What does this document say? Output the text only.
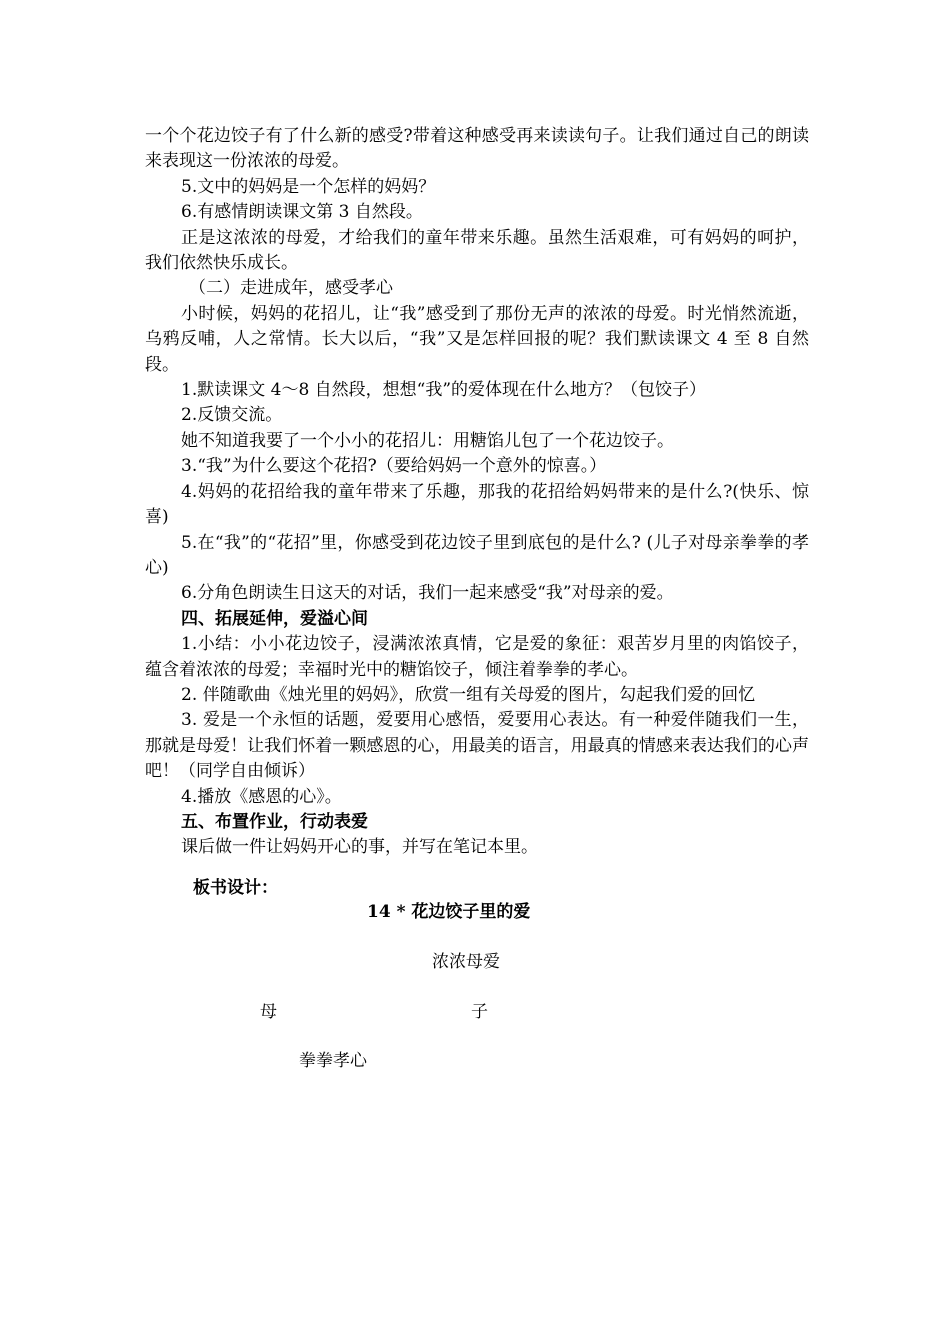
一个个花边饺子有了什么新的感受?带着这种感受再来读读句子。让我们通过自己的朗读来表现这一份浓浓的母爱。

5.文中的妈妈是一个怎样的妈妈？

6.有感情朗读课文第 3 自然段。

正是这浓浓的母爱，才给我们的童年带来乐趣。虽然生活艰难，可有妈妈的呵护，我们依然快乐成长。

（二）走进成年，感受孝心

小时候，妈妈的花招儿，让“我”感受到了那份无声的浓浓的母爱。时光悄然流逝，乌鸦反哺，人之常情。长大以后，“我”又是怎样回报的呢？我们默读课文 4 至 8 自然段。

1.默读课文 4～8 自然段，想想“我”的爱体现在什么地方？（包饺子）

2.反馈交流。

她不知道我要了一个小小的花招儿：用糖馅儿包了一个花边饺子。

3.“我”为什么要这个花招?（要给妈妈一个意外的惊喜。）

4.妈妈的花招给我的童年带来了乐趣，那我的花招给妈妈带来的是什么?(快乐、惊喜)

5.在“我”的“花招”里，你感受到花边饺子里到底包的是什么? (儿子对母亲拳拳的孝心)

6.分角色朗读生日这天的对话，我们一起来感受“我”对母亲的爱。

四、拓展延伸，爱溢心间

1.小结：小小花边饺子，浸满浓浓真情，它是爱的象征：艰苦岁月里的肉馅饺子，蕴含着浓浓的母爱；幸福时光中的糖馅饺子，倾注着拳拳的孝心。

2. 伴随歌曲《烛光里的妈妈》，欣赏一组有关母爱的图片，勾起我们爱的回忆

3. 爱是一个永恒的话题，爱要用心感悟，爱要用心表达。有一种爱伴随我们一生，那就是母爱！让我们怀着一颗感恩的心，用最美的语言，用最真的情感来表达我们的心声吧！（同学自由倾诉）

4.播放《感恩的心》。

五、布置作业，行动表爱

课后做一件让妈妈开心的事，并写在笔记本里。

板书设计：
14 * 花边饺子里的爱
浓浓母爱
母	子
拳拳孝心
